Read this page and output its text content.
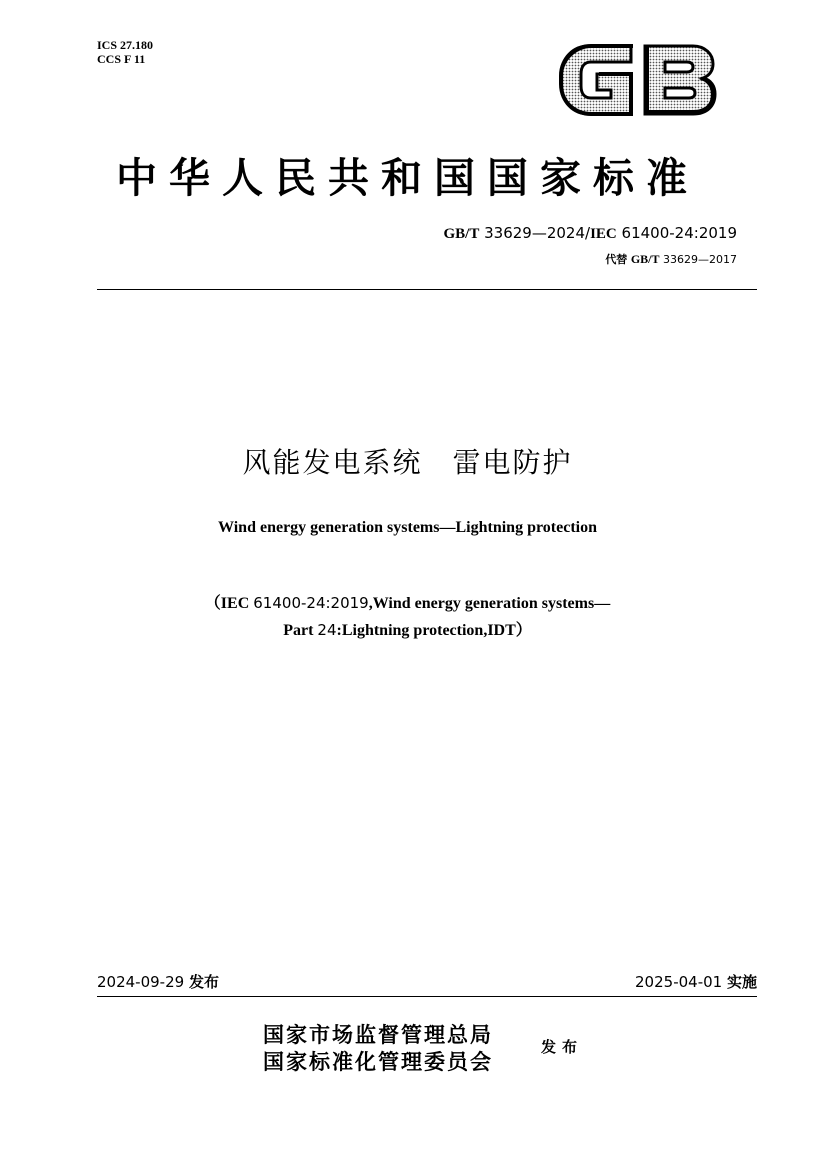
ICS 27.180
CCS F 11
中华人民共和国国家标准
GB/T 33629—2024/IEC 61400-24:2019
代替 GB/T 33629—2017
风能发电系统　雷电防护
Wind energy generation systems—Lightning protection
（IEC 61400-24:2019,Wind energy generation systems—
Part 24:Lightning protection,IDT）
2024-09-29 发布	2025-04-01 实施
国家市场监督管理总局
国家标准化管理委员会
发布
